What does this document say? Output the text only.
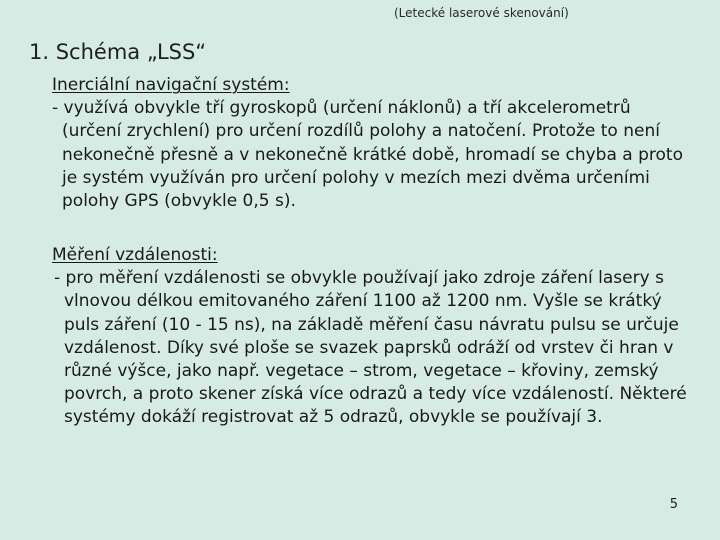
(Letecké laserové skenování)
1. Schéma „LSS“
Inerciální navigační systém:
- využívá obvykle tří gyroskopů (určení náklonů) a tří akcelerometrů (určení zrychlení) pro určení rozdílů polohy a natočení. Protože to není nekonečně přesně a v nekonečně krátké době, hromadí se chyba a proto je systém využíván pro určení polohy v mezích mezi dvěma určeními polohy GPS (obvykle 0,5 s).
Měření vzdálenosti:
- pro měření vzdálenosti se obvykle používají jako zdroje záření lasery s vlnovou délkou emitovaného záření 1100 až 1200 nm. Vyšle se krátký puls záření (10 - 15 ns), na základě měření času návratu pulsu se určuje vzdálenost. Díky své ploše se svazek paprsků odráží od vrstev či hran v různé výšce, jako např. vegetace – strom, vegetace – křoviny, zemský povrch, a proto skener získá více odrazů a tedy více vzdáleností. Některé systémy dokáží registrovat až 5 odrazů, obvykle se používají 3.
5
